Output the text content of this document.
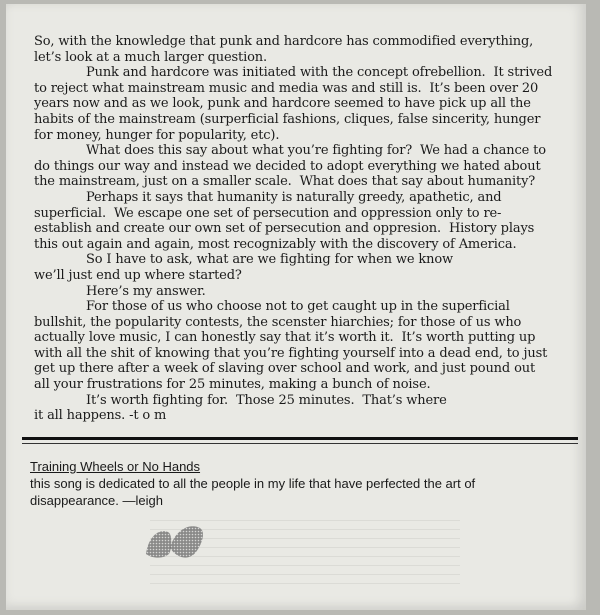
So, with the knowledge that punk and hardcore has commodified everything,
let’s look at a much larger question.

Punk and hardcore was initiated with the concept ofrebellion.  It strived
to reject what mainstream music and media was and still is.  It’s been over 20
years now and as we look, punk and hardcore seemed to have pick up all the
habits of the mainstream (surperficial fashions, cliques, false sincerity, hunger
for money, hunger for popularity, etc).

What does this say about what you’re fighting for?  We had a chance to
do things our way and instead we decided to adopt everything we hated about
the mainstream, just on a smaller scale.  What does that say about humanity?

Perhaps it says that humanity is naturally greedy, apathetic, and
superficial.  We escape one set of persecution and oppression only to re-
establish and create our own set of persecution and oppresion.  History plays
this out again and again, most recognizably with the discovery of America.

So I have to ask, what are we fighting for when we know
we’ll just end up where started?

Here’s my answer.

For those of us who choose not to get caught up in the superficial
bullshit, the popularity contests, the scenster hiarchies; for those of us who
actually love music, I can honestly say that it’s worth it.  It’s worth putting up
with all the shit of knowing that you’re fighting yourself into a dead end, to just
get up there after a week of slaving over school and work, and just pound out
all your frustrations for 25 minutes, making a bunch of noise.

It’s worth fighting for.  Those 25 minutes.  That’s where
it all happens. -t o m

Training Wheels or No Hands

this song is dedicated to all the people in my life that have perfected the art of
disappearance. —leigh
